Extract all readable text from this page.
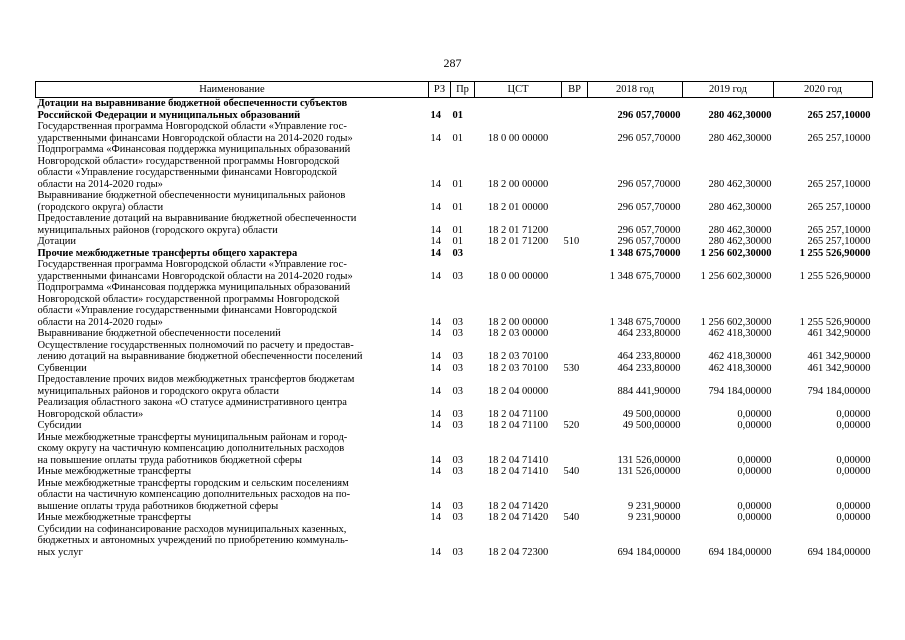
287
Наименование	РЗ	Пр	ЦСТ	ВР	2018 год	2019 год	2020 год
Дотации на выравнивание бюджетной обеспеченности субъектов
Российской Федерации и муниципальных образований	14	01			296 057,70000	280 462,30000	265 257,10000
Государственная программа Новгородской области «Управление гос-
ударственными финансами Новгородской области на 2014-2020 годы»	14	01	18 0 00 00000		296 057,70000	280 462,30000	265 257,10000
Подпрограмма «Финансовая поддержка муниципальных образований
Новгородской области» государственной программы Новгородской
области «Управление государственными финансами Новгородской
области на 2014-2020 годы»	14	01	18 2 00 00000		296 057,70000	280 462,30000	265 257,10000
Выравнивание бюджетной обеспеченности муниципальных районов
(городского округа) области	14	01	18 2 01 00000		296 057,70000	280 462,30000	265 257,10000
Предоставление дотаций на выравнивание бюджетной обеспеченности
муниципальных районов (городского округа) области	14	01	18 2 01 71200		296 057,70000	280 462,30000	265 257,10000
Дотации	14	01	18 2 01 71200	510	296 057,70000	280 462,30000	265 257,10000
Прочие межбюджетные трансферты общего характера	14	03			1 348 675,70000	1 256 602,30000	1 255 526,90000
Государственная программа Новгородской области «Управление гос-
ударственными финансами Новгородской области на 2014-2020 годы»	14	03	18 0 00 00000		1 348 675,70000	1 256 602,30000	1 255 526,90000
Подпрограмма «Финансовая поддержка муниципальных образований
Новгородской области» государственной программы Новгородской
области «Управление государственными финансами Новгородской
области на 2014-2020 годы»	14	03	18 2 00 00000		1 348 675,70000	1 256 602,30000	1 255 526,90000
Выравнивание бюджетной обеспеченности поселений	14	03	18 2 03 00000		464 233,80000	462 418,30000	461 342,90000
Осуществление государственных полномочий по расчету и предостав-
лению дотаций на выравнивание бюджетной обеспеченности поселений	14	03	18 2 03 70100		464 233,80000	462 418,30000	461 342,90000
Субвенции	14	03	18 2 03 70100	530	464 233,80000	462 418,30000	461 342,90000
Предоставление прочих видов межбюджетных трансфертов бюджетам
муниципальных районов и городского округа области	14	03	18 2 04 00000		884 441,90000	794 184,00000	794 184,00000
Реализация областного закона «О статусе административного центра
Новгородской области»	14	03	18 2 04 71100		49 500,00000	0,00000	0,00000
Субсидии	14	03	18 2 04 71100	520	49 500,00000	0,00000	0,00000
Иные межбюджетные трансферты муниципальным районам и город-
скому округу на частичную компенсацию дополнительных расходов
на повышение оплаты труда работников бюджетной сферы	14	03	18 2 04 71410		131 526,00000	0,00000	0,00000
Иные межбюджетные трансферты	14	03	18 2 04 71410	540	131 526,00000	0,00000	0,00000
Иные межбюджетные трансферты городским и сельским поселениям
области на частичную компенсацию дополнительных расходов на по-
вышение оплаты труда работников бюджетной сферы	14	03	18 2 04 71420		9 231,90000	0,00000	0,00000
Иные межбюджетные трансферты	14	03	18 2 04 71420	540	9 231,90000	0,00000	0,00000
Субсидии на софинансирование расходов муниципальных казенных,
бюджетных и автономных учреждений по приобретению коммуналь-
ных услуг	14	03	18 2 04 72300		694 184,00000	694 184,00000	694 184,00000
